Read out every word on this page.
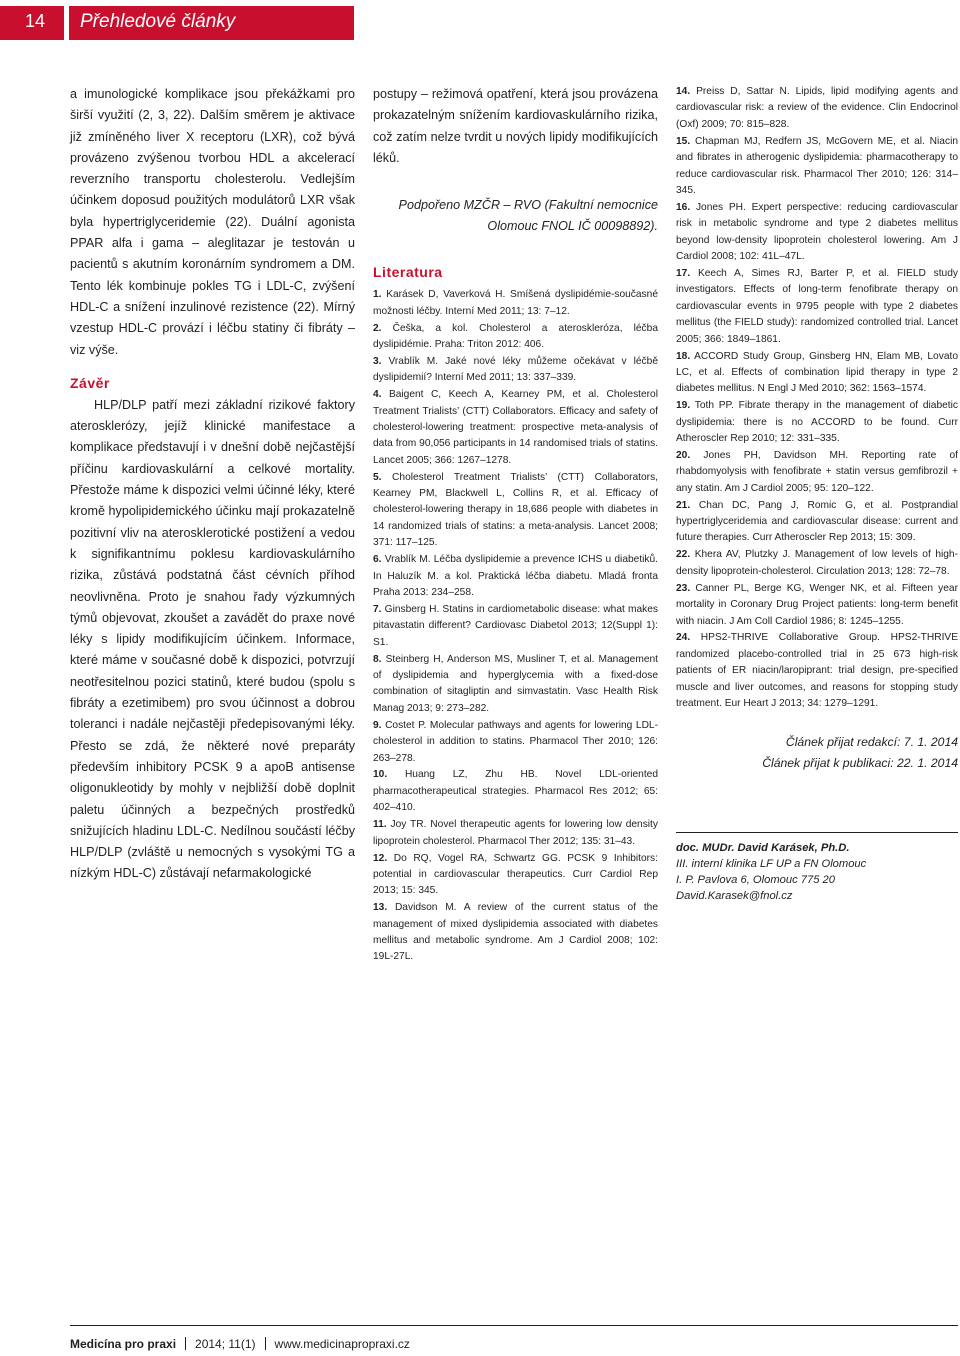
14 Přehledové články

a imunologické komplikace jsou překážkami pro širší využití (2, 3, 22). Dalším směrem je aktivace již zmíněného liver X receptoru (LXR), což bývá provázeno zvýšenou tvorbou HDL a akcelerací reverzního transportu cholesterolu. Vedlejším účinkem doposud použitých modulátorů LXR však byla hypertriglyceridemie (22). Duální agonista PPAR alfa i gama – aleglitazar je testován u pacientů s akutním koronárním syndromem a DM. Tento lék kombinuje pokles TG i LDL-C, zvýšení HDL-C a snížení inzulinové rezistence (22). Mírný vzestup HDL-C provází i léčbu statiny či fibráty – viz výše.

Závěr

HLP/DLP patří mezi základní rizikové faktory aterosklerózy, jejíž klinické manifestace a komplikace představují i v dnešní době nejčastější příčinu kardiovaskulární a celkové mortality. Přestože máme k dispozici velmi účinné léky, které kromě hypolipidemického účinku mají prokazatelně pozitivní vliv na aterosklerotické postižení a vedou k signifikantnímu poklesu kardiovaskulárního rizika, zůstává podstatná část cévních příhod neovlivněna. Proto je snahou řady výzkumných týmů objevovat, zkoušet a zavádět do praxe nové léky s lipidy modifikujícím účinkem. Informace, které máme v současné době k dispozici, potvrzují neotřesitelnou pozici statinů, které budou (spolu s fibráty a ezetimibem) pro svou účinnost a dobrou toleranci i nadále nejčastěji předepisovanými léky. Přesto se zdá, že některé nové preparáty především inhibitory PCSK 9 a apoB antisense oligonukleotidy by mohly v nejbližší době doplnit paletu účinných a bezpečných prostředků snižujících hladinu LDL-C. Nedílnou součástí léčby HLP/DLP (zvláště u nemocných s vysokými TG a nízkým HDL-C) zůstávají nefarmakologické

postupy – režimová opatření, která jsou provázena prokazatelným snížením kardiovaskulárního rizika, což zatím nelze tvrdit u nových lipidy modifikujících léků.

Podpořeno MZČR – RVO (Fakultní nemocnice
Olomouc FNOL IČ 00098892).
Literatura
1. Karásek D, Vaverková H. Smíšená dyslipidémie-současné možnosti léčby. Interní Med 2011; 13: 7–12.
2. Češka, a kol. Cholesterol a ateroskleróza, léčba dyslipidémie. Praha: Triton 2012: 406.
3. Vrablík M. Jaké nové léky můžeme očekávat v léčbě dyslipidemií? Interní Med 2011; 13: 337–339.
4. Baigent C, Keech A, Kearney PM, et al. Cholesterol Treatment Trialists’ (CTT) Collaborators. Efficacy and safety of cholesterol-lowering treatment: prospective meta-analysis of data from 90,056 participants in 14 randomised trials of statins. Lancet 2005; 366: 1267–1278.
5. Cholesterol Treatment Trialists’ (CTT) Collaborators, Kearney PM, Blackwell L, Collins R, et al. Efficacy of cholesterol-lowering therapy in 18,686 people with diabetes in 14 randomized trials of statins: a meta-analysis. Lancet 2008; 371: 117–125.
6. Vrablík M. Léčba dyslipidemie a prevence ICHS u diabetiků. In Haluzík M. a kol. Praktická léčba diabetu. Mladá fronta Praha 2013: 234–258.
7. Ginsberg H. Statins in cardiometabolic disease: what makes pitavastatin different? Cardiovasc Diabetol 2013; 12(Suppl 1): S1.
8. Steinberg H, Anderson MS, Musliner T, et al. Management of dyslipidemia and hyperglycemia with a fixed-dose combination of sitagliptin and simvastatin. Vasc Health Risk Manag 2013; 9: 273–282.
9. Costet P. Molecular pathways and agents for lowering LDL-cholesterol in addition to statins. Pharmacol Ther 2010; 126: 263–278.
10. Huang LZ, Zhu HB. Novel LDL-oriented pharmacotherapeutical strategies. Pharmacol Res 2012; 65: 402–410.
11. Joy TR. Novel therapeutic agents for lowering low density lipoprotein cholesterol. Pharmacol Ther 2012; 135: 31–43.
12. Do RQ, Vogel RA, Schwartz GG. PCSK 9 Inhibitors: potential in cardiovascular therapeutics. Curr Cardiol Rep 2013; 15: 345.
13. Davidson M. A review of the current status of the management of mixed dyslipidemia associated with diabetes mellitus and metabolic syndrome. Am J Cardiol 2008; 102: 19L-27L.
14. Preiss D, Sattar N. Lipids, lipid modifying agents and cardiovascular risk: a review of the evidence. Clin Endocrinol (Oxf) 2009; 70: 815–828.
15. Chapman MJ, Redfern JS, McGovern ME, et al. Niacin and fibrates in atherogenic dyslipidemia: pharmacotherapy to reduce cardiovascular risk. Pharmacol Ther 2010; 126: 314–345.
16. Jones PH. Expert perspective: reducing cardiovascular risk in metabolic syndrome and type 2 diabetes mellitus beyond low-density lipoprotein cholesterol lowering. Am J Cardiol 2008; 102: 41L–47L.
17. Keech A, Simes RJ, Barter P, et al. FIELD study investigators. Effects of long-term fenofibrate therapy on cardiovascular events in 9795 people with type 2 diabetes mellitus (the FIELD study): randomized controlled trial. Lancet 2005; 366: 1849–1861.
18. ACCORD Study Group, Ginsberg HN, Elam MB, Lovato LC, et al. Effects of combination lipid therapy in type 2 diabetes mellitus. N Engl J Med 2010; 362: 1563–1574.
19. Toth PP. Fibrate therapy in the management of diabetic dyslipidemia: there is no ACCORD to be found. Curr Atheroscler Rep 2010; 12: 331–335.
20. Jones PH, Davidson MH. Reporting rate of rhabdomyolysis with fenofibrate + statin versus gemfibrozil + any statin. Am J Cardiol 2005; 95: 120–122.
21. Chan DC, Pang J, Romic G, et al. Postprandial hypertriglyceridemia and cardiovascular disease: current and future therapies. Curr Atheroscler Rep 2013; 15: 309.
22. Khera AV, Plutzky J. Management of low levels of high-density lipoprotein-cholesterol. Circulation 2013; 128: 72–78.
23. Canner PL, Berge KG, Wenger NK, et al. Fifteen year mortality in Coronary Drug Project patients: long-term benefit with niacin. J Am Coll Cardiol 1986; 8: 1245–1255.
24. HPS2-THRIVE Collaborative Group. HPS2-THRIVE randomized placebo-controlled trial in 25 673 high-risk patients of ER niacin/laropiprant: trial design, pre-specified muscle and liver outcomes, and reasons for stopping study treatment. Eur Heart J 2013; 34: 1279–1291.
Článek přijat redakcí: 7. 1. 2014
Článek přijat k publikaci: 22. 1. 2014
doc. MUDr. David Karásek, Ph.D.
III. interní klinika LF UP a FN Olomouc
I. P. Pavlova 6, Olomouc 775 20
David.Karasek@fnol.cz
Medicína pro praxi 2014; 11(1) www.medicinapropraxi.cz
